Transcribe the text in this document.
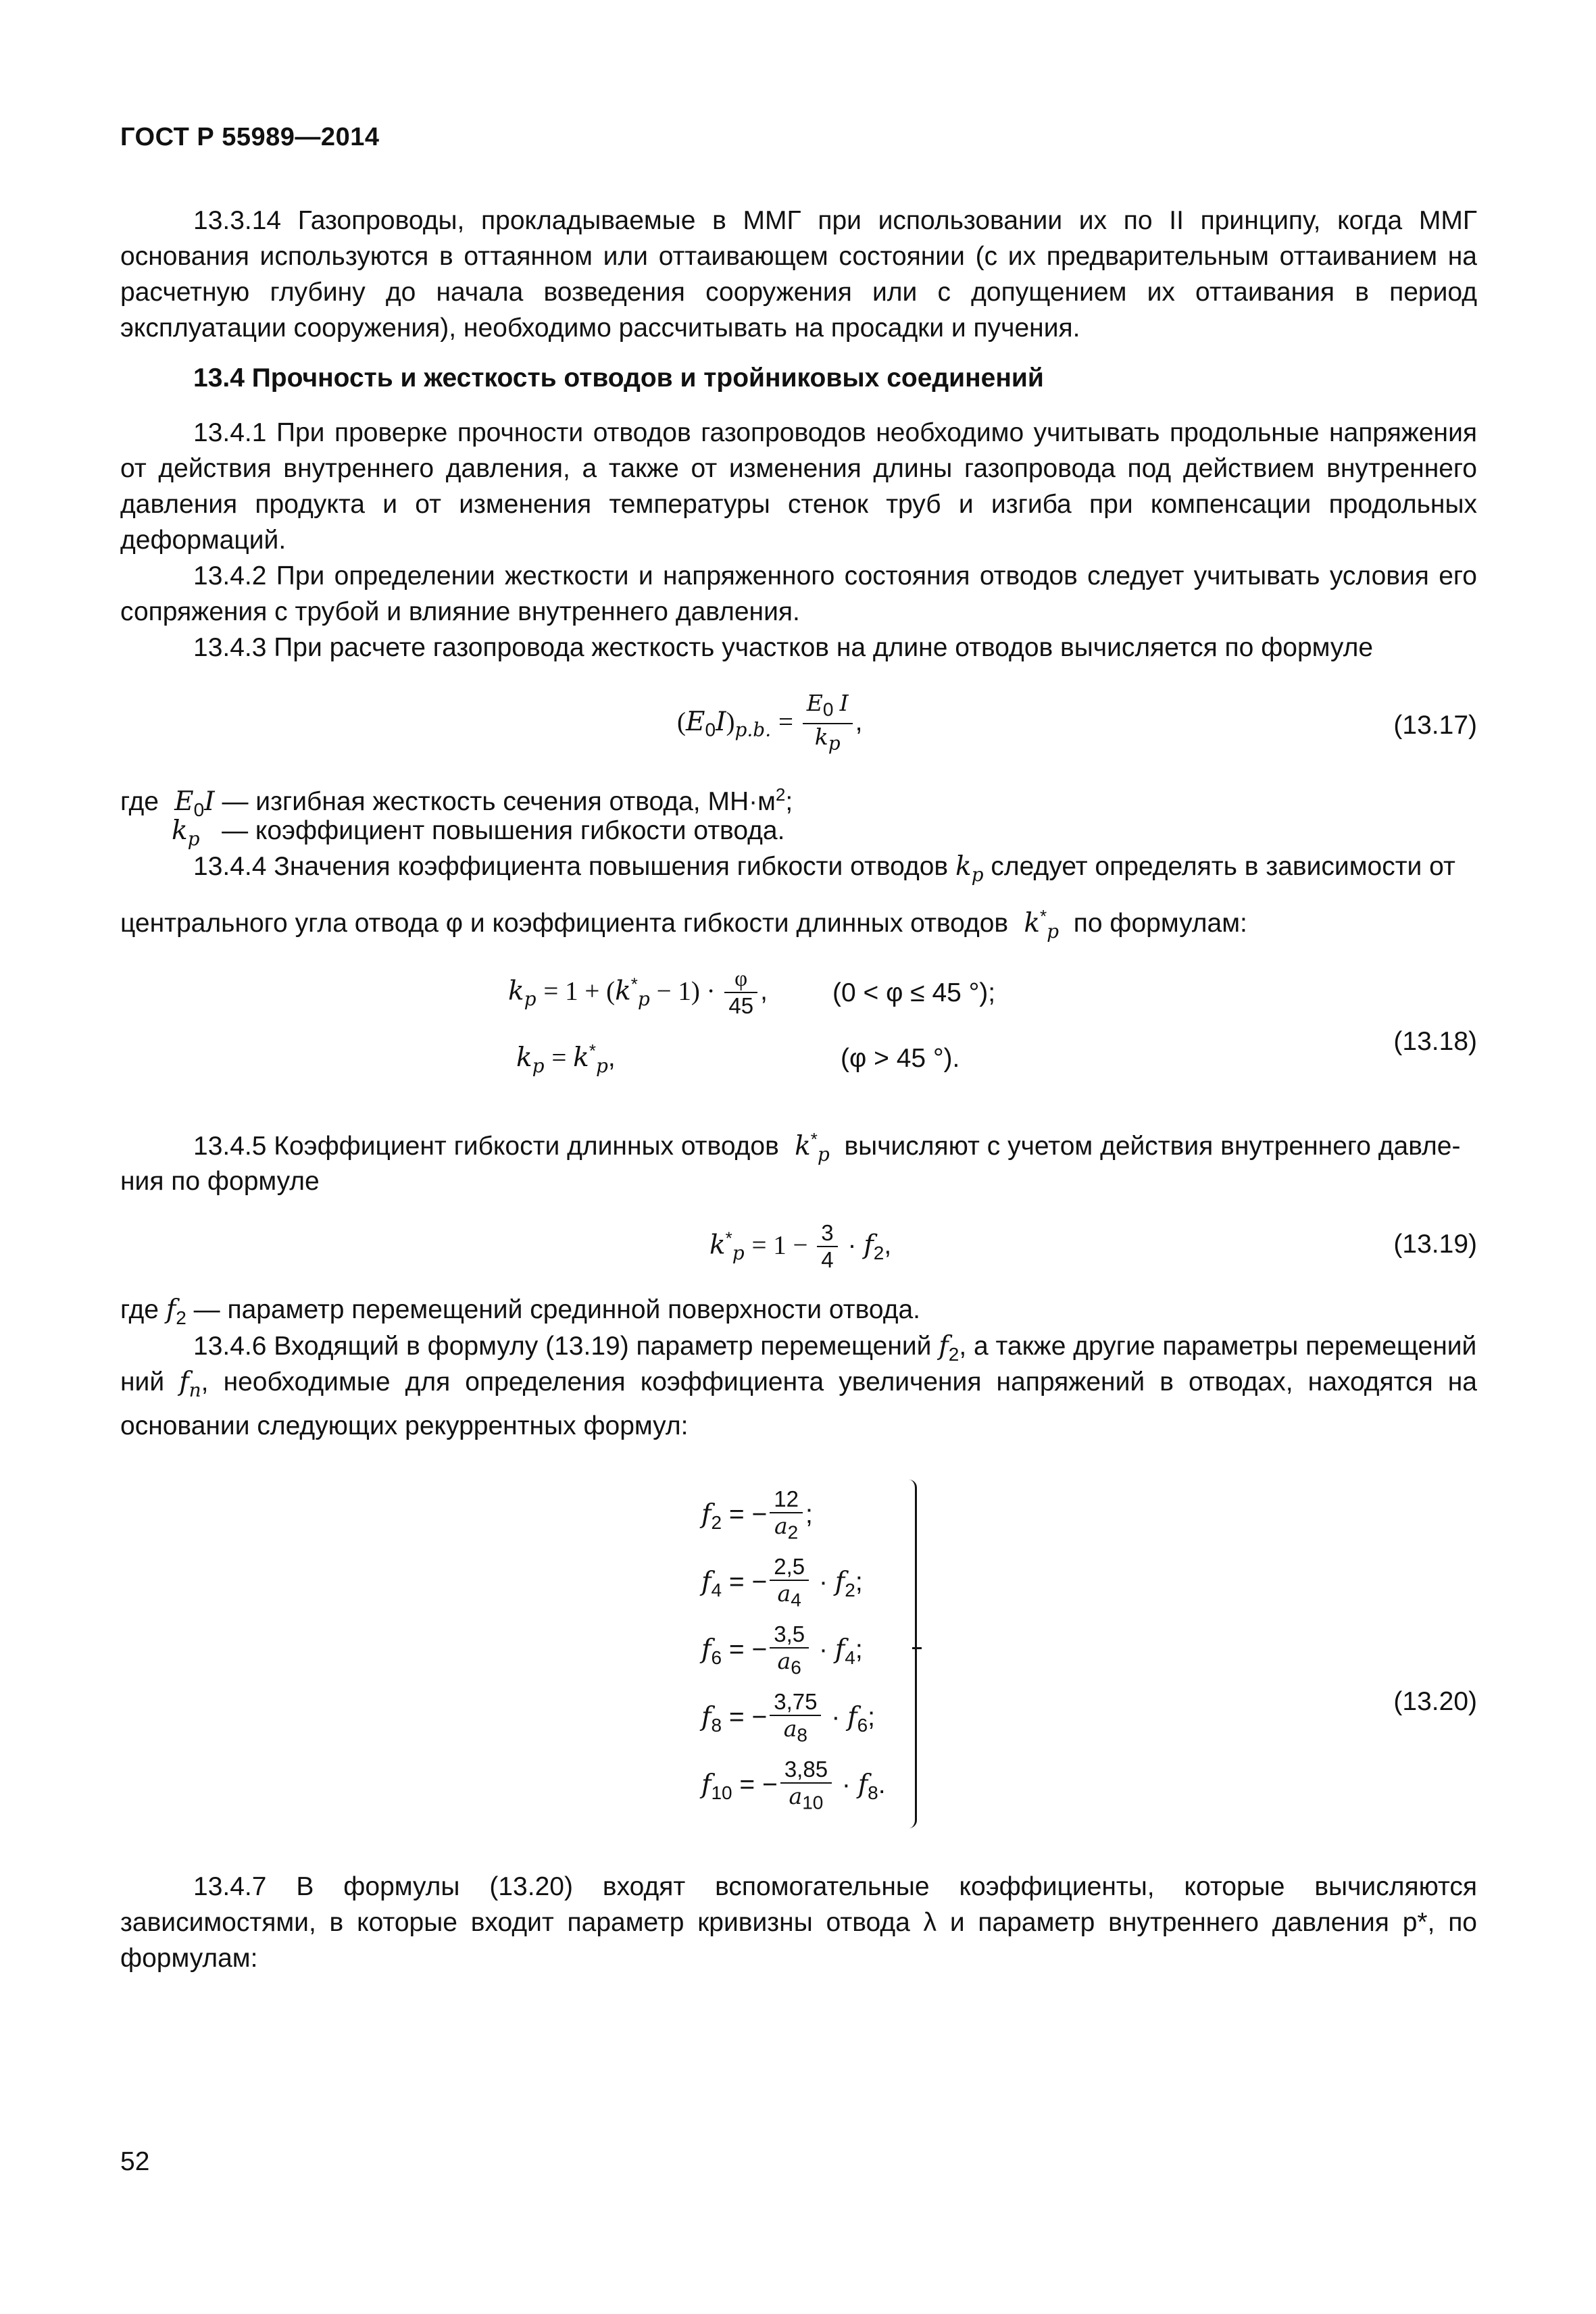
ГОСТ Р 55989—2014
13.3.14 Газопроводы, прокладываемые в ММГ при использовании их по II принципу, когда ММГ основания используются в оттаянном или оттаивающем состоянии (с их предварительным оттаиванием на расчетную глубину до начала возведения сооружения или с допущением их оттаивания в период эксплуатации сооружения), необходимо рассчитывать на просадки и пучения.
13.4 Прочность и жесткость отводов и тройниковых соединений
13.4.1 При проверке прочности отводов газопроводов необходимо учитывать продольные напряжения от действия внутреннего давления, а также от изменения длины газопровода под действием внутреннего давления продукта и от изменения температуры стенок труб и изгиба при компенсации продольных деформаций.
13.4.2 При определении жесткости и напряженного состояния отводов следует учитывать условия его сопряжения с трубой и влияние внутреннего давления.
13.4.3 При расчете газопровода жесткость участков на длине отводов вычисляется по формуле
$(E_0I)_{p.b.} = \frac{E_0 I}{k_p}$ ,	(13.17)
где  $E_0I$ — изгибная жесткость сечения отвода, $МН\cdot м^2$;
$k_p$ — коэффициент повышения гибкости отвода.
13.4.4 Значения коэффициента повышения гибкости отводов $k_p$ следует определять в зависимости от
центрального угла отвода φ и коэффициента гибкости длинных отводов  $k^*_p$ по формулам:
$k_p = 1 + (k^*_p - 1) \cdot \frac{\varphi}{45}$ , (0 < φ ≤ 45 °);
$k_p = k^*_p$,	(φ > 45 °).
(13.18)
13.4.5 Коэффициент гибкости длинных отводов  $k^*_p$ вычисляют с учетом действия внутреннего давле-
ния по формуле
$k^*_p = 1 - \frac{3}{4} \cdot f_2$,	(13.19)
где $f_2$ — параметр перемещений срединной поверхности отвода.
13.4.6 Входящий в формулу (13.19) параметр перемещений $f_2$, а также другие параметры перемещений
ний $f_n$, необходимые для определения коэффициента увеличения напряжений в отводах, находятся на основании следующих рекуррентных формул:
$f_2$ = − $\frac{12}{a_2}$ ;
$f_4$ = − $\frac{2,5}{a_4} \cdot f_2$;
$f_6$ = − $\frac{3,5}{a_6} \cdot f_4$;
$f_8$ = − $\frac{3,75}{a_8} \cdot f_6$;
$f_{10}$ = − $\frac{3,85}{a_{10}} \cdot f_8$.
(13.20)
13.4.7 В формулы (13.20) входят вспомогательные коэффициенты, которые вычисляются зависимостями, в которые входит параметр кривизны отвода λ и параметр внутреннего давления p*, по формулам:
52
